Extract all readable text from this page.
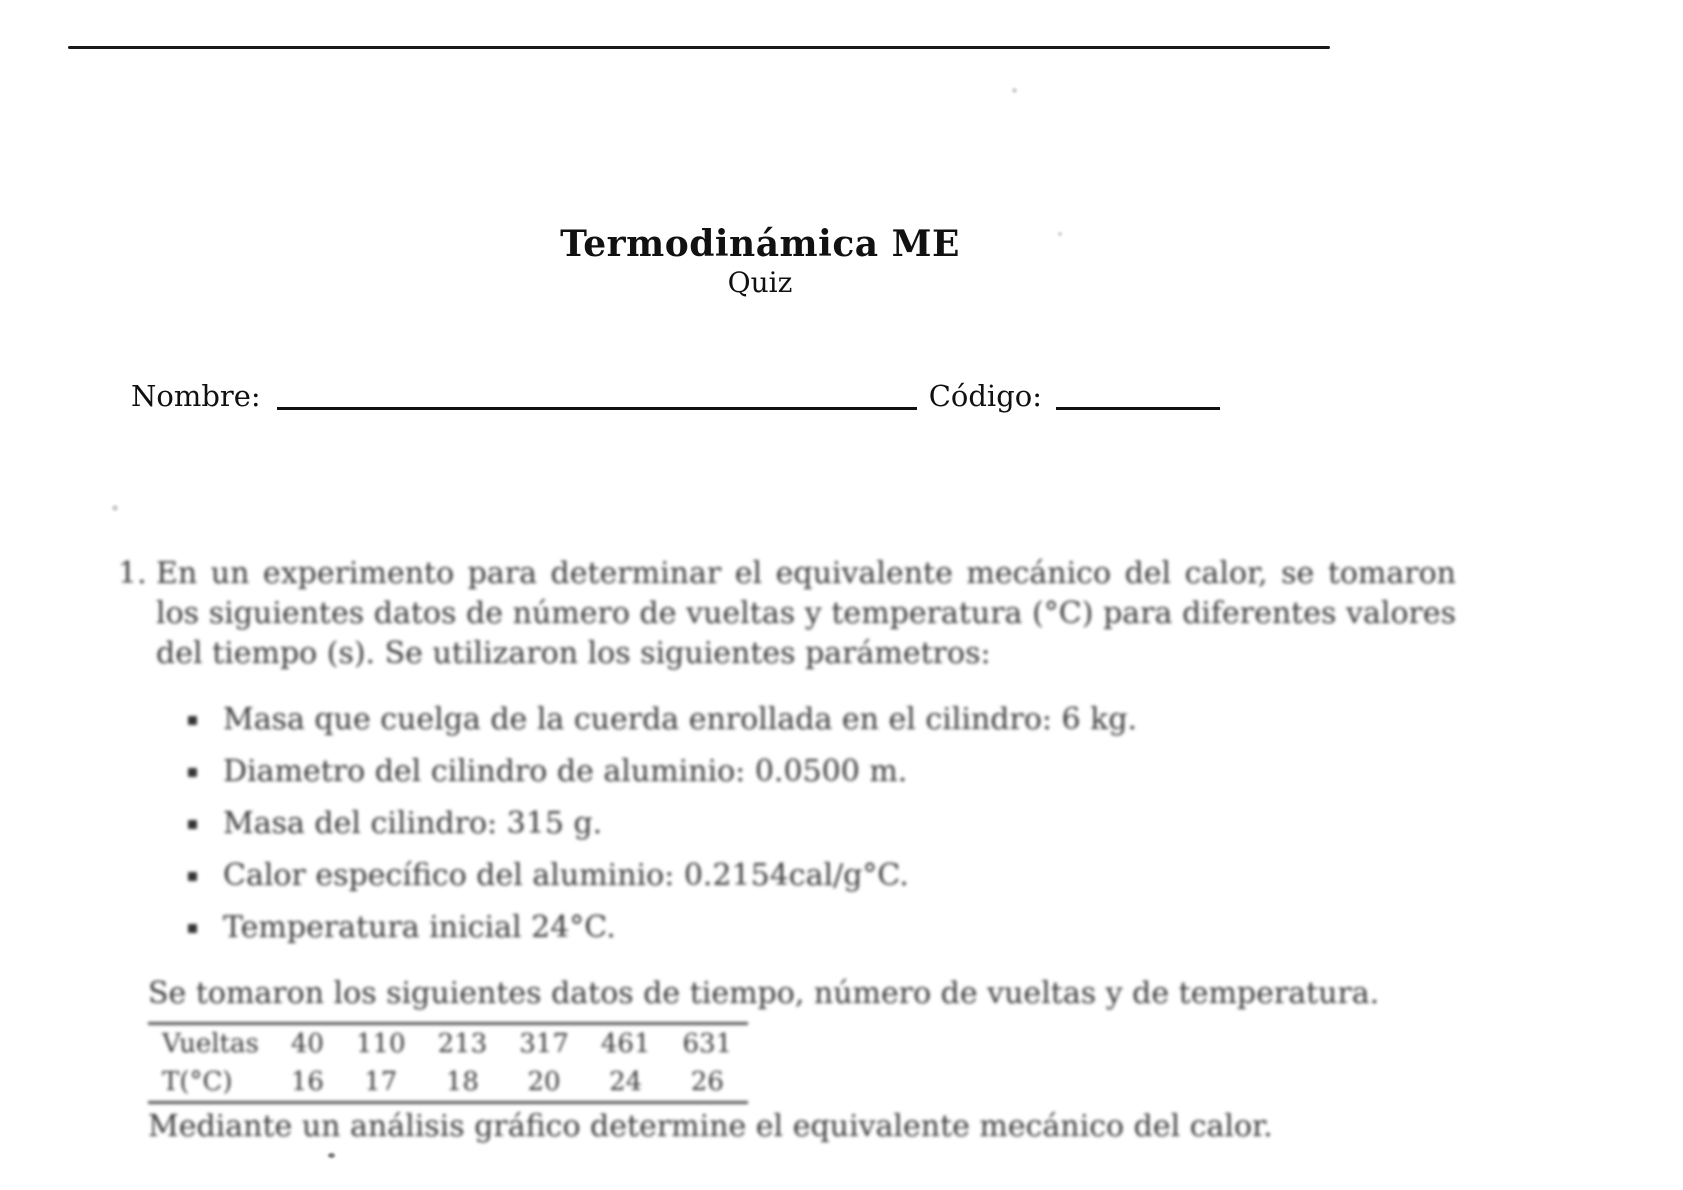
Termodinámica ME
Quiz
Nombre:	Código:
1. En un experimento para determinar el equivalente mecánico del calor, se tomaron los siguientes datos de número de vueltas y temperatura (°C) para diferentes valores del tiempo (s). Se utilizaron los siguientes parámetros:
Masa que cuelga de la cuerda enrollada en el cilindro: 6 kg.
Diametro del cilindro de aluminio: 0.0500 m.
Masa del cilindro: 315 g.
Calor específico del aluminio: 0.2154cal/g°C.
Temperatura inicial 24°C.
Se tomaron los siguientes datos de tiempo, número de vueltas y de temperatura.
Vueltas	40	110	213	317	461	631
T(°C)	16	17	18	20	24	26
Mediante un análisis gráfico determine el equivalente mecánico del calor.
